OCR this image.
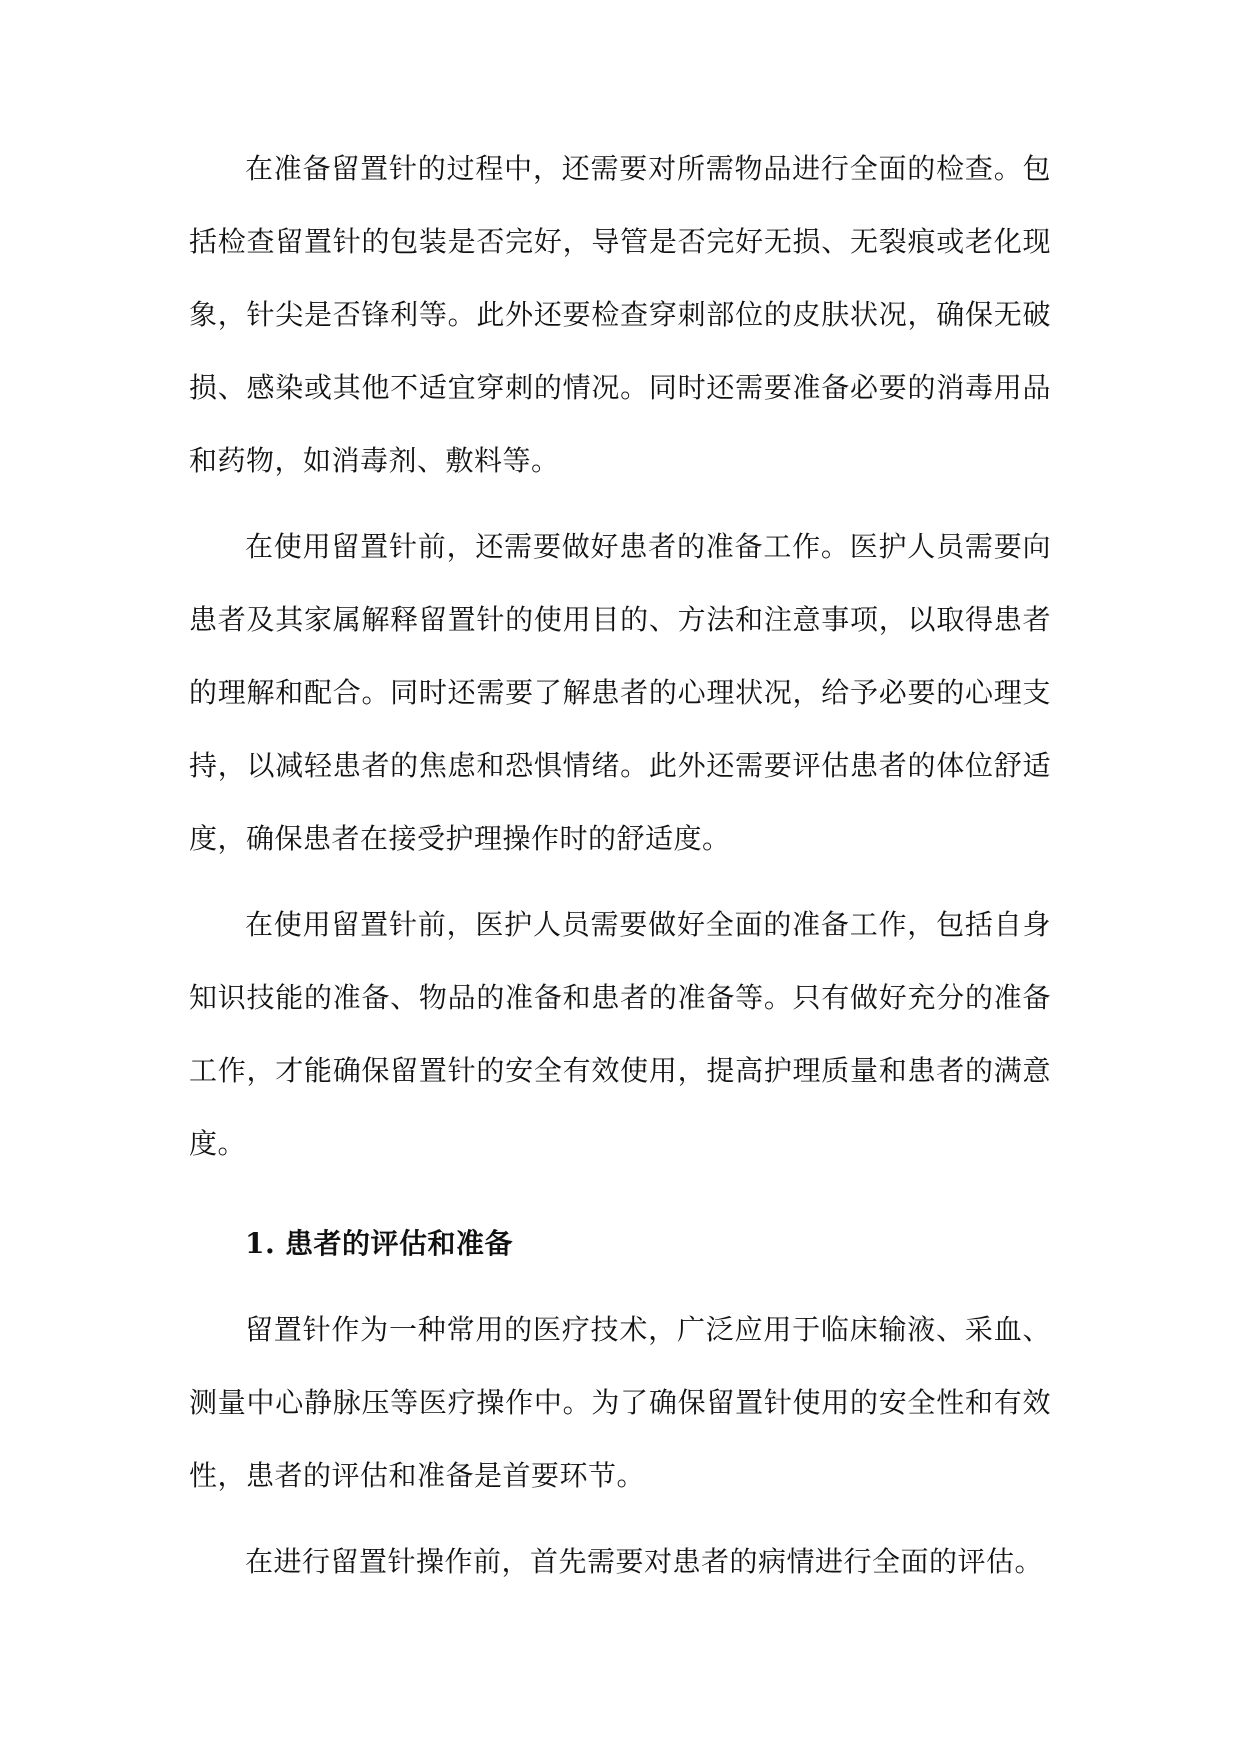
在准备留置针的过程中，还需要对所需物品进行全面的检查。包括检查留置针的包装是否完好，导管是否完好无损、无裂痕或老化现象，针尖是否锋利等。此外还要检查穿刺部位的皮肤状况，确保无破损、感染或其他不适宜穿刺的情况。同时还需要准备必要的消毒用品和药物，如消毒剂、敷料等。

在使用留置针前，还需要做好患者的准备工作。医护人员需要向患者及其家属解释留置针的使用目的、方法和注意事项，以取得患者的理解和配合。同时还需要了解患者的心理状况，给予必要的心理支持，以减轻患者的焦虑和恐惧情绪。此外还需要评估患者的体位舒适度，确保患者在接受护理操作时的舒适度。

在使用留置针前，医护人员需要做好全面的准备工作，包括自身知识技能的准备、物品的准备和患者的准备等。只有做好充分的准备工作，才能确保留置针的安全有效使用，提高护理质量和患者的满意度。

1. 患者的评估和准备

留置针作为一种常用的医疗技术，广泛应用于临床输液、采血、测量中心静脉压等医疗操作中。为了确保留置针使用的安全性和有效性，患者的评估和准备是首要环节。

在进行留置针操作前，首先需要对患者的病情进行全面的评估。
